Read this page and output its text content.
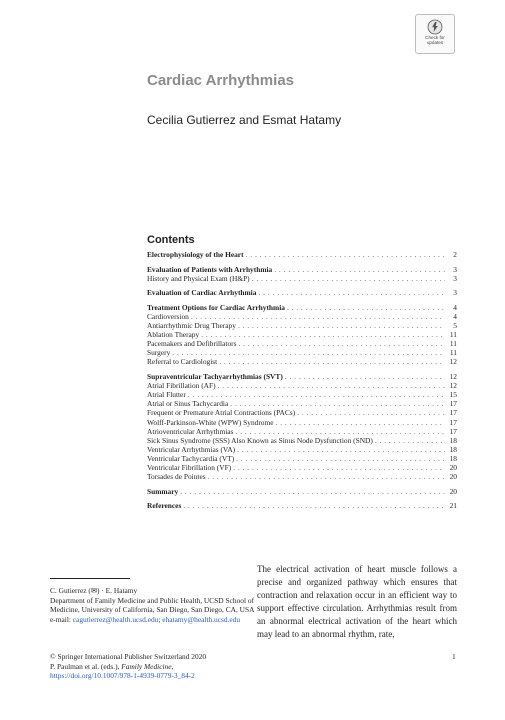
Check for
updates
Cardiac Arrhythmias
Cecilia Gutierrez and Esmat Hatamy
Contents
Electrophysiology of the Heart . . .	2
Evaluation of Patients with Arrhythmia . . .	3
History and Physical Exam (H&P) . . .	3
Evaluation of Cardiac Arrhythmia . . .	3
Treatment Options for Cardiac Arrhythmia . . .	4
Cardioversion . . .	4
Antiarrhythmic Drug Therapy . . .	5
Ablation Therapy . . .	11
Pacemakers and Defibrillators . . .	11
Surgery . . .	11
Referral to Cardiologist . . .	12
Supraventricular Tachyarrhythmias (SVT) . . .	12
Atrial Fibrillation (AF) . . .	12
Atrial Flutter . . .	15
Atrial or Sinus Tachycardia . . .	17
Frequent or Premature Atrial Contractions (PACs) . . .	17
Wolff-Parkinson-White (WPW) Syndrome . . .	17
Atrioventricular Arrhythmias . . .	17
Sick Sinus Syndrome (SSS) Also Known as Sinus Node Dysfunction (SND) . . .	18
Ventricular Arrhythmias (VA) . . .	18
Ventricular Tachycardia (VT) . . .	18
Ventricular Fibrillation (VF) . . .	20
Torsades de Pointes . . .	20
Summary . . .	20
References . . .	21
C. Gutierrez (✉) · E. Hatamy
Department of Family Medicine and Public Health, UCSD School of Medicine, University of California, San Diego, San Diego, CA, USA
e-mail: cagutierrez@health.ucsd.edu; ehatamy@health.ucsd.edu
The electrical activation of heart muscle follows a precise and organized pathway which ensures that contraction and relaxation occur in an efficient way to support effective circulation. Arrhythmias result from an abnormal electrical activation of the heart which may lead to an abnormal rhythm, rate,
© Springer International Publisher Switzerland 2020
P. Paulman et al. (eds.), Family Medicine,
https://doi.org/10.1007/978-1-4939-0779-3_84-2
1
